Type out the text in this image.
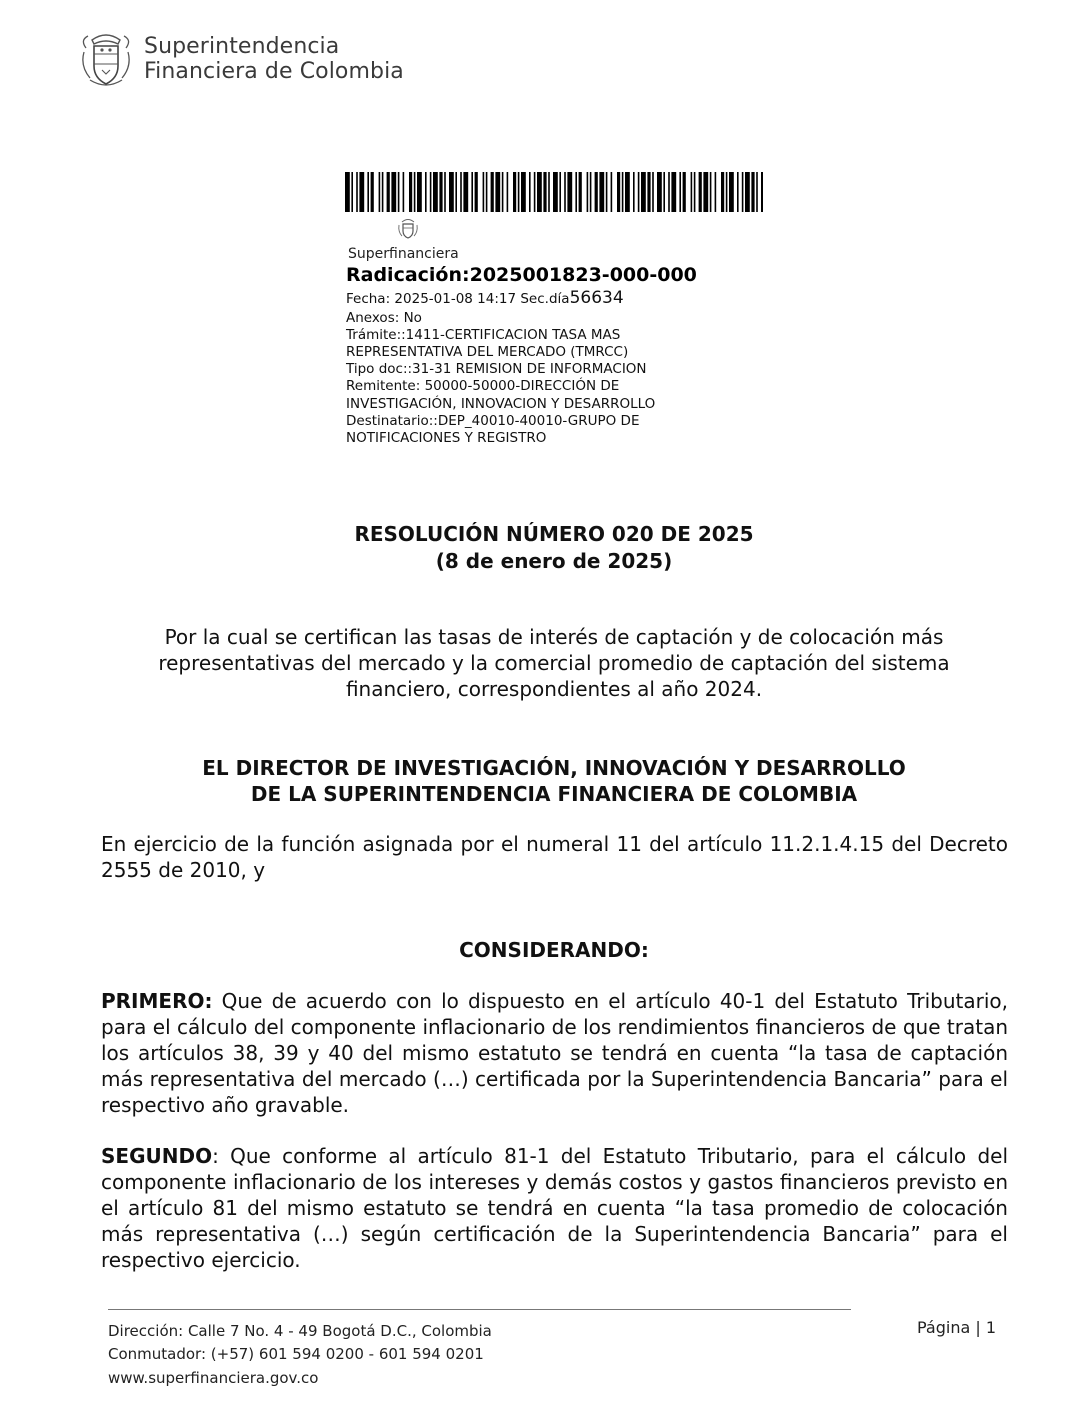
Superintendencia
Financiera de Colombia
Superfinanciera
Radicación:2025001823-000-000
Fecha: 2025-01-08 14:17 Sec.día56634
Anexos: No
Trámite::1411-CERTIFICACION TASA MAS
REPRESENTATIVA DEL MERCADO (TMRCC)
Tipo doc::31-31 REMISION DE INFORMACION
Remitente: 50000-50000-DIRECCIÓN DE
INVESTIGACIÓN, INNOVACION Y DESARROLLO
Destinatario::DEP_40010-40010-GRUPO DE
NOTIFICACIONES Y REGISTRO
RESOLUCIÓN NÚMERO 020 DE 2025
(8 de enero de 2025)
Por la cual se certifican las tasas de interés de captación y de colocación más representativas del mercado y la comercial promedio de captación del sistema financiero, correspondientes al año 2024.
EL DIRECTOR DE INVESTIGACIÓN, INNOVACIÓN Y DESARROLLO
DE LA SUPERINTENDENCIA FINANCIERA DE COLOMBIA
En ejercicio de la función asignada por el numeral 11 del artículo 11.2.1.4.15 del Decreto 2555 de 2010, y
CONSIDERANDO:
PRIMERO: Que de acuerdo con lo dispuesto en el artículo 40-1 del Estatuto Tributario, para el cálculo del componente inflacionario de los rendimientos financieros de que tratan los artículos 38, 39 y 40 del mismo estatuto se tendrá en cuenta “la tasa de captación más representativa del mercado (…) certificada por la Superintendencia Bancaria” para el respectivo año gravable.
SEGUNDO: Que conforme al artículo 81-1 del Estatuto Tributario, para el cálculo del componente inflacionario de los intereses y demás costos y gastos financieros previsto en el artículo 81 del mismo estatuto se tendrá en cuenta “la tasa promedio de colocación más representativa (…) según certificación de la Superintendencia Bancaria” para el respectivo ejercicio.
Dirección: Calle 7 No. 4 - 49 Bogotá D.C., Colombia
Conmutador: (+57) 601 594 0200 - 601 594 0201
www.superfinanciera.gov.co
Página | 1
